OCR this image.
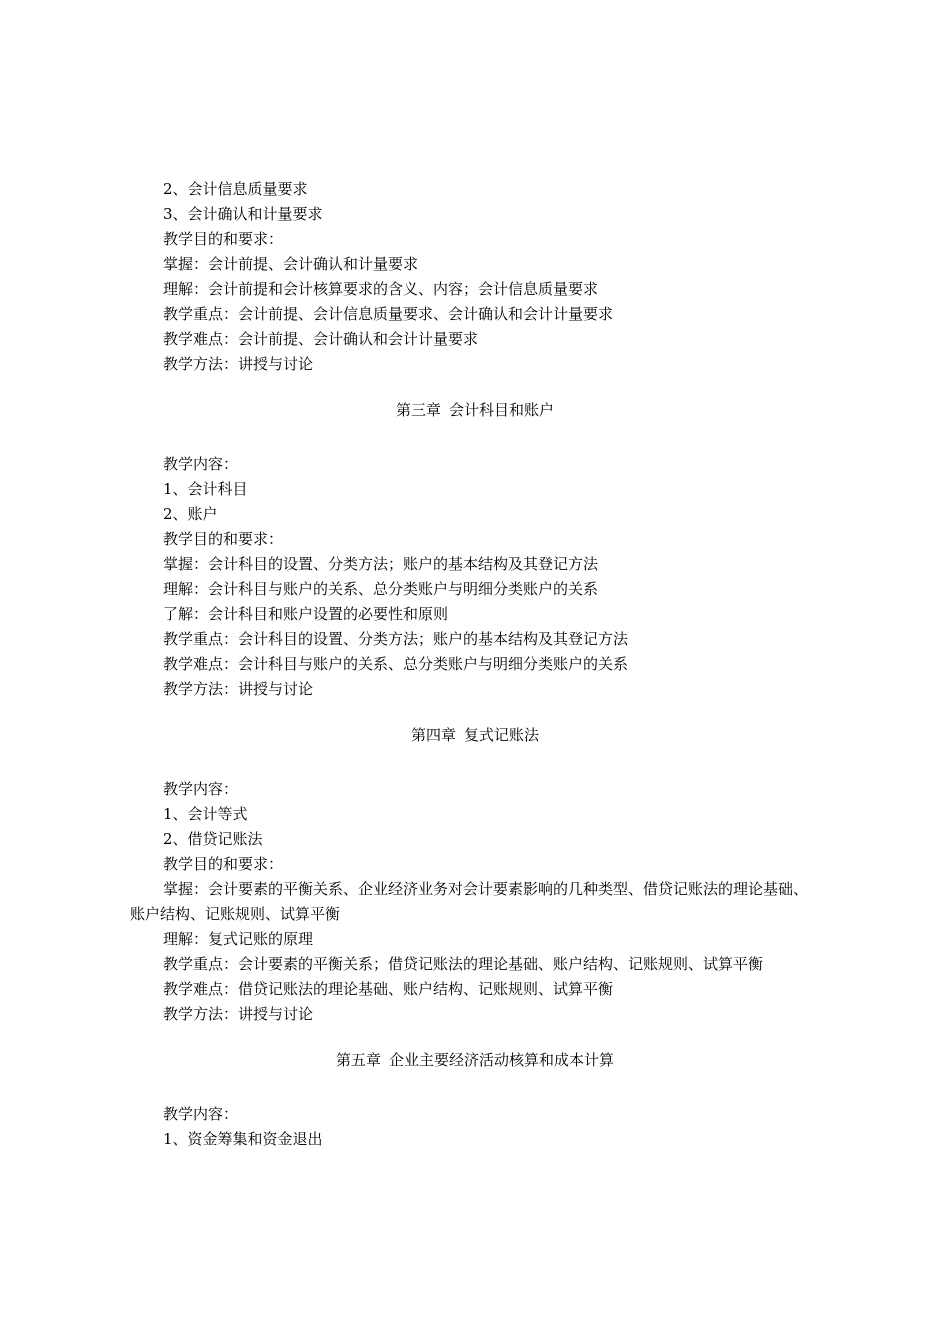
2、会计信息质量要求

3、会计确认和计量要求

教学目的和要求：

掌握：会计前提、会计确认和计量要求

理解：会计前提和会计核算要求的含义、内容；会计信息质量要求

教学重点：会计前提、会计信息质量要求、会计确认和会计计量要求

教学难点：会计前提、会计确认和会计计量要求

教学方法：讲授与讨论

第三章 会计科目和账户

教学内容：

1、会计科目

2、账户

教学目的和要求：

掌握：会计科目的设置、分类方法；账户的基本结构及其登记方法

理解：会计科目与账户的关系、总分类账户与明细分类账户的关系

了解：会计科目和账户设置的必要性和原则

教学重点：会计科目的设置、分类方法；账户的基本结构及其登记方法

教学难点：会计科目与账户的关系、总分类账户与明细分类账户的关系

教学方法：讲授与讨论

第四章 复式记账法

教学内容：

1、会计等式

2、借贷记账法

教学目的和要求：

掌握：会计要素的平衡关系、企业经济业务对会计要素影响的几种类型、借贷记账法的理论基础、账户结构、记账规则、试算平衡

理解：复式记账的原理

教学重点：会计要素的平衡关系；借贷记账法的理论基础、账户结构、记账规则、试算平衡

教学难点：借贷记账法的理论基础、账户结构、记账规则、试算平衡

教学方法：讲授与讨论

第五章 企业主要经济活动核算和成本计算

教学内容：

1、资金筹集和资金退出
